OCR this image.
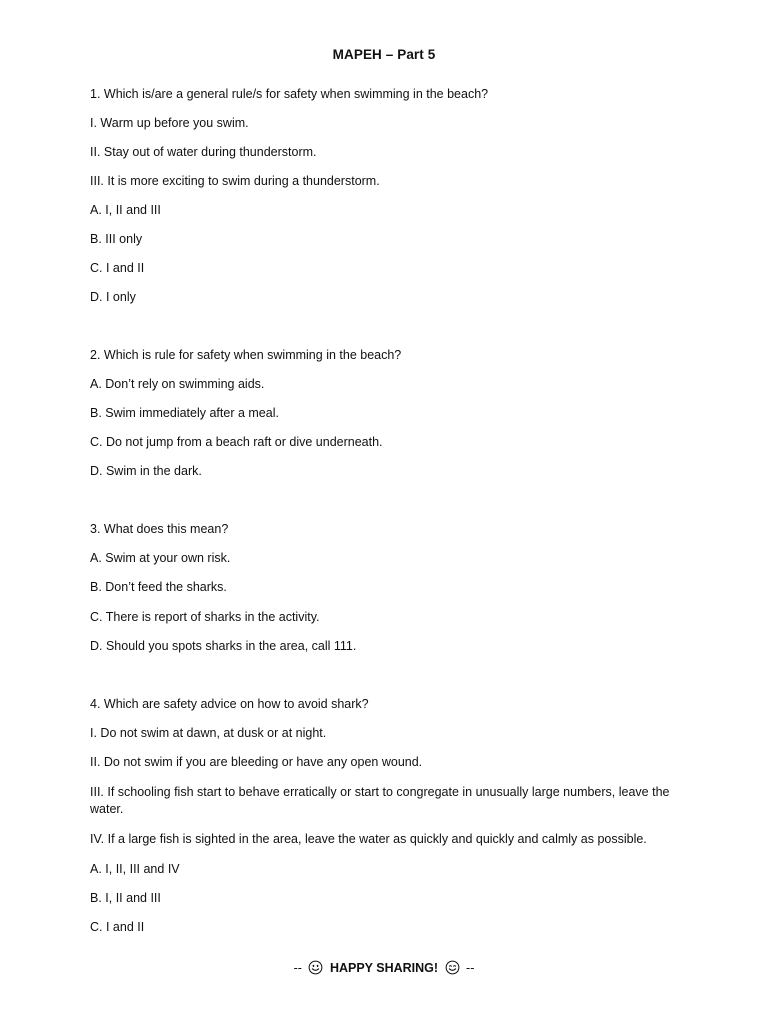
MAPEH – Part 5
1. Which is/are a general rule/s for safety when swimming in the beach?
I. Warm up before you swim.
II. Stay out of water during thunderstorm.
III. It is more exciting to swim during a thunderstorm.
A. I, II and III
B. III only
C. I and II
D. I only
2. Which is rule for safety when swimming in the beach?
A. Don’t rely on swimming aids.
B. Swim immediately after a meal.
C. Do not jump from a beach raft or dive underneath.
D. Swim in the dark.
3. What does this mean?
A. Swim at your own risk.
B. Don’t feed the sharks.
C. There is report of sharks in the activity.
D. Should you spots sharks in the area, call 111.
4. Which are safety advice on how to avoid shark?
I. Do not swim at dawn, at dusk or at night.
II. Do not swim if you are bleeding or have any open wound.
III. If schooling fish start to behave erratically or start to congregate in unusually large numbers, leave the water.
IV. If a large fish is sighted in the area, leave the water as quickly and quickly and calmly as possible.
A. I, II, III and IV
B. I, II and III
C. I and II
-- HAPPY SHARING! --
